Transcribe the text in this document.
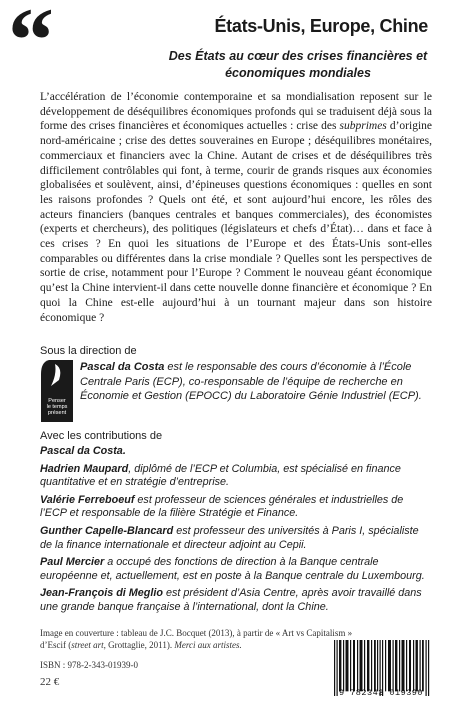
“	États-Unis, Europe, Chine
Des États au cœur des crises financières et économiques mondiales

L’accélération de l’économie contemporaine et sa mondialisation reposent sur le développement de déséquilibres économiques profonds qui se traduisent déjà sous la forme des crises financières et économiques actuelles : crise des subprimes d’origine nord-américaine ; crise des dettes souveraines en Europe ; déséquilibres monétaires, commerciaux et financiers avec la Chine. Autant de crises et de déséquilibres très difficilement contrôlables qui font, à terme, courir de grands risques aux économies globalisées et soulèvent, ainsi, d’épineuses questions économiques : quelles en sont les raisons profondes ? Quels ont été, et sont aujourd’hui encore, les rôles des acteurs financiers (banques centrales et banques commerciales), des économistes (experts et chercheurs), des politiques (législateurs et chefs d’État)… dans et face à ces crises ? En quoi les situations de l’Europe et des États-Unis sont-elles comparables ou différentes dans la crise mondiale ? Quelles sont les perspectives de sortie de crise, notamment pour l’Europe ? Comment le nouveau géant économique qu’est la Chine intervient-il dans cette nouvelle donne financière et économique ? En quoi la Chine est-elle aujourd’hui à un tournant majeur dans son histoire économique ?

Sous la direction de
Penser
le temps
présent

Pascal da Costa est le responsable des cours d’économie à l’École Centrale Paris (ECP), co-responsable de l’équipe de recherche en Économie et Gestion (EPOCC) du Laboratoire Génie Industriel (ECP).

Avec les contributions de

Pascal da Costa.

Hadrien Maupard, diplômé de l’ECP et Columbia, est spécialisé en finance quantitative et en stratégie d’entreprise.

Valérie Ferreboeuf est professeur de sciences générales et industrielles de l’ECP et responsable de la filière Stratégie et Finance.

Gunther Capelle-Blancard est professeur des universités à Paris I, spécialiste de la finance internationale et directeur adjoint au Cepii.

Paul Mercier a occupé des fonctions de direction à la Banque centrale européenne et, actuellement, est en poste à la Banque centrale du Luxembourg.

Jean-François di Meglio est président d’Asia Centre, après avoir travaillé dans une grande banque française à l’international, dont la Chine.

Image en couverture : tableau de J.C. Bocquet (2013), à partir de « Art vs Capitalism » d’Escif (street art, Grottaglie, 2011). Merci aux artistes.

ISBN : 978-2-343-01939-0
22 €
9 782343 019390
